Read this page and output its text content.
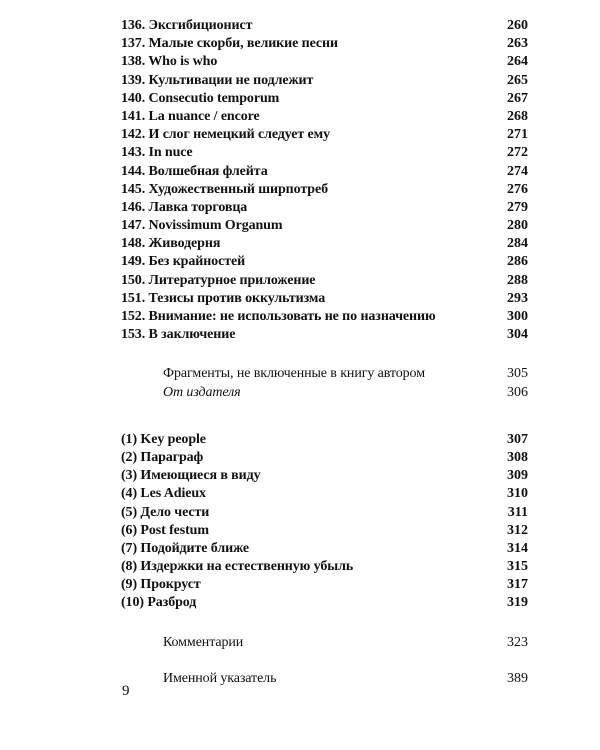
136. Эксгибиционист	260
137. Малые скорби, великие песни	263
138. Who is who	264
139. Культивации не подлежит	265
140. Consecutio temporum	267
141. La nuance / encore	268
142. И слог немецкий следует ему	271
143. In nuce	272
144. Волшебная флейта	274
145. Художественный ширпотреб	276
146. Лавка торговца	279
147. Novissimum Organum	280
148. Живодерня	284
149. Без крайностей	286
150. Литературное приложение	288
151. Тезисы против оккультизма	293
152. Внимание: не использовать не по назначению	300
153. В заключение	304
Фрагменты, не включенные в книгу автором	305
От издателя	306
(1) Key people	307
(2) Параграф	308
(3) Имеющиеся в виду	309
(4) Les Adieux	310
(5) Дело чести	311
(6) Post festum	312
(7) Подойдите ближе	314
(8) Издержки на естественную убыль	315
(9) Прокруст	317
(10) Разброд	319
Комментарии	323
Именной указатель	389
9
